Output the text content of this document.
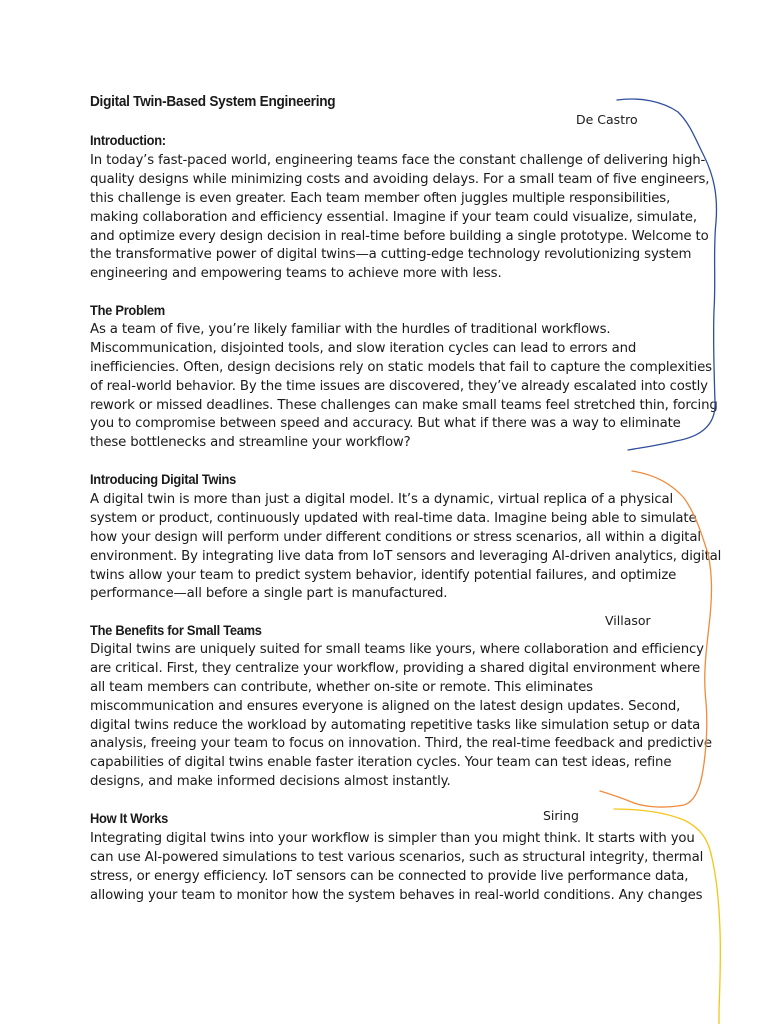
Digital Twin-Based System Engineering
Introduction:
In today’s fast-paced world, engineering teams face the constant challenge of delivering high-
quality designs while minimizing costs and avoiding delays. For a small team of five engineers,
this challenge is even greater. Each team member often juggles multiple responsibilities,
making collaboration and efficiency essential. Imagine if your team could visualize, simulate,
and optimize every design decision in real-time before building a single prototype. Welcome to
the transformative power of digital twins—a cutting-edge technology revolutionizing system
engineering and empowering teams to achieve more with less.
The Problem
As a team of five, you’re likely familiar with the hurdles of traditional workflows.
Miscommunication, disjointed tools, and slow iteration cycles can lead to errors and
inefficiencies. Often, design decisions rely on static models that fail to capture the complexities
of real-world behavior. By the time issues are discovered, they’ve already escalated into costly
rework or missed deadlines. These challenges can make small teams feel stretched thin, forcing
you to compromise between speed and accuracy. But what if there was a way to eliminate
these bottlenecks and streamline your workflow?
Introducing Digital Twins
A digital twin is more than just a digital model. It’s a dynamic, virtual replica of a physical
system or product, continuously updated with real-time data. Imagine being able to simulate
how your design will perform under different conditions or stress scenarios, all within a digital
environment. By integrating live data from IoT sensors and leveraging AI-driven analytics, digital
twins allow your team to predict system behavior, identify potential failures, and optimize
performance—all before a single part is manufactured.
The Benefits for Small Teams
Digital twins are uniquely suited for small teams like yours, where collaboration and efficiency
are critical. First, they centralize your workflow, providing a shared digital environment where
all team members can contribute, whether on-site or remote. This eliminates
miscommunication and ensures everyone is aligned on the latest design updates. Second,
digital twins reduce the workload by automating repetitive tasks like simulation setup or data
analysis, freeing your team to focus on innovation. Third, the real-time feedback and predictive
capabilities of digital twins enable faster iteration cycles. Your team can test ideas, refine
designs, and make informed decisions almost instantly.
How It Works
Integrating digital twins into your workflow is simpler than you might think. It starts with you
can use AI-powered simulations to test various scenarios, such as structural integrity, thermal
stress, or energy efficiency. IoT sensors can be connected to provide live performance data,
allowing your team to monitor how the system behaves in real-world conditions. Any changes
De Castro
Villasor
Siring
